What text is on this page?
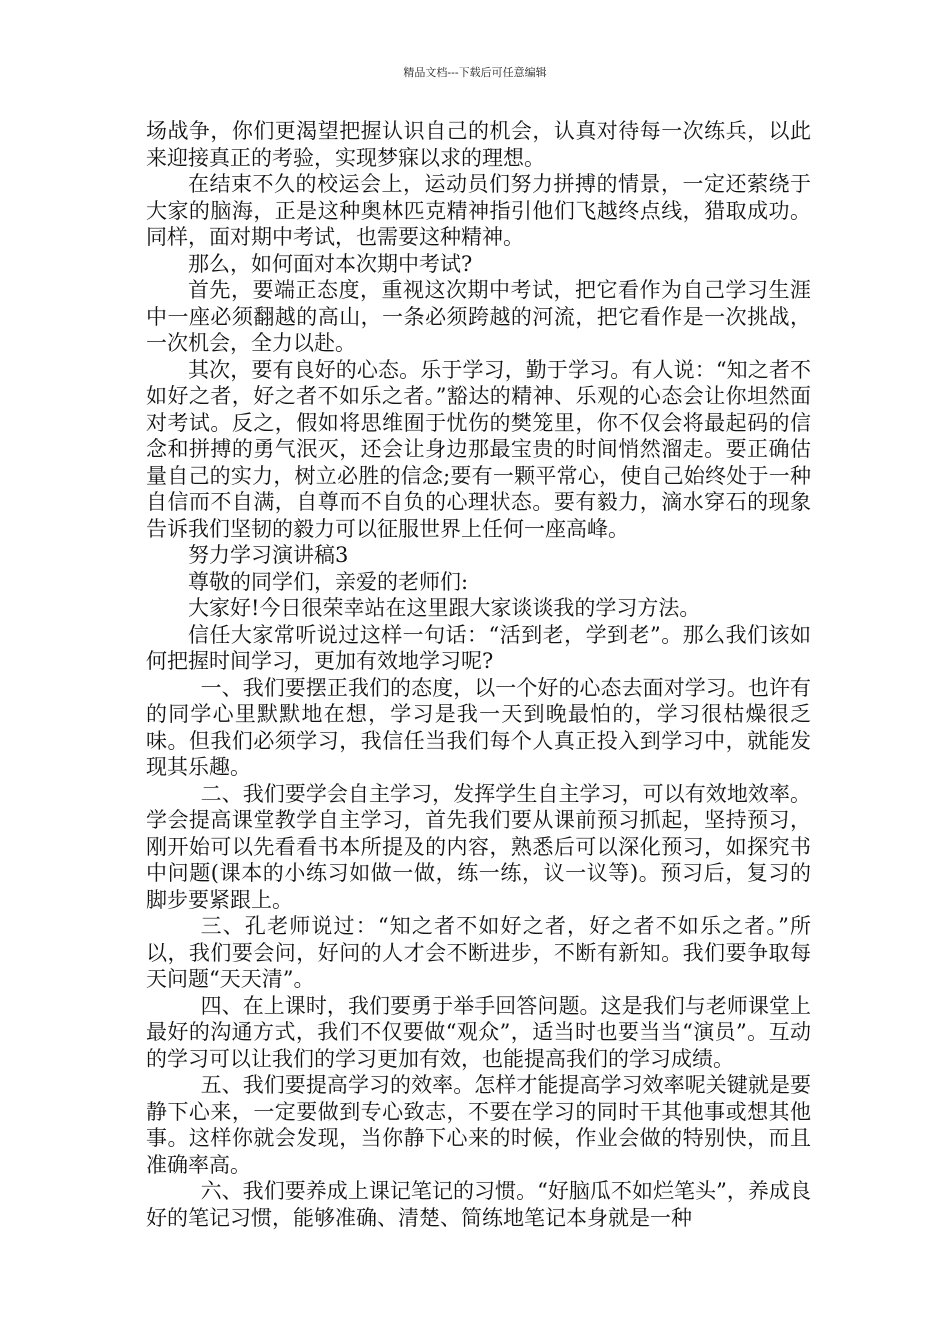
精品文档---下载后可任意编辑

场战争，你们更渴望把握认识自己的机会，认真对待每一次练兵，以此来迎接真正的考验，实现梦寐以求的理想。

在结束不久的校运会上，运动员们努力拼搏的情景，一定还萦绕于大家的脑海，正是这种奥林匹克精神指引他们飞越终点线，猎取成功。同样，面对期中考试，也需要这种精神。

那么，如何面对本次期中考试?

首先，要端正态度，重视这次期中考试，把它看作为自己学习生涯中一座必须翻越的高山，一条必须跨越的河流，把它看作是一次挑战，一次机会，全力以赴。

其次，要有良好的心态。乐于学习，勤于学习。有人说：“知之者不如好之者，好之者不如乐之者。”豁达的精神、乐观的心态会让你坦然面对考试。反之，假如将思维囿于忧伤的樊笼里，你不仅会将最起码的信念和拼搏的勇气泯灭，还会让身边那最宝贵的时间悄然溜走。要正确估量自己的实力，树立必胜的信念;要有一颗平常心，使自己始终处于一种自信而不自满，自尊而不自负的心理状态。要有毅力，滴水穿石的现象告诉我们坚韧的毅力可以征服世界上任何一座高峰。

努力学习演讲稿3

尊敬的同学们，亲爱的老师们:

大家好!今日很荣幸站在这里跟大家谈谈我的学习方法。

信任大家常听说过这样一句话：“活到老，学到老”。那么我们该如何把握时间学习，更加有效地学习呢?

一、我们要摆正我们的态度，以一个好的心态去面对学习。也许有的同学心里默默地在想，学习是我一天到晚最怕的，学习很枯燥很乏味。但我们必须学习，我信任当我们每个人真正投入到学习中，就能发现其乐趣。

二、我们要学会自主学习，发挥学生自主学习，可以有效地效率。学会提高课堂教学自主学习，首先我们要从课前预习抓起，坚持预习，刚开始可以先看看书本所提及的内容，熟悉后可以深化预习，如探究书中问题(课本的小练习如做一做，练一练，议一议等)。预习后，复习的脚步要紧跟上。

三、孔老师说过：“知之者不如好之者，好之者不如乐之者。”所以，我们要会问，好问的人才会不断进步，不断有新知。我们要争取每天问题“天天清”。

四、在上课时，我们要勇于举手回答问题。这是我们与老师课堂上最好的沟通方式，我们不仅要做“观众”，适当时也要当当“演员”。互动的学习可以让我们的学习更加有效，也能提高我们的学习成绩。

五、我们要提高学习的效率。怎样才能提高学习效率呢关键就是要静下心来，一定要做到专心致志，不要在学习的同时干其他事或想其他事。这样你就会发现，当你静下心来的时候，作业会做的特别快，而且准确率高。

六、我们要养成上课记笔记的习惯。“好脑瓜不如烂笔头”，养成良好的笔记习惯，能够准确、清楚、简练地笔记本身就是一种
